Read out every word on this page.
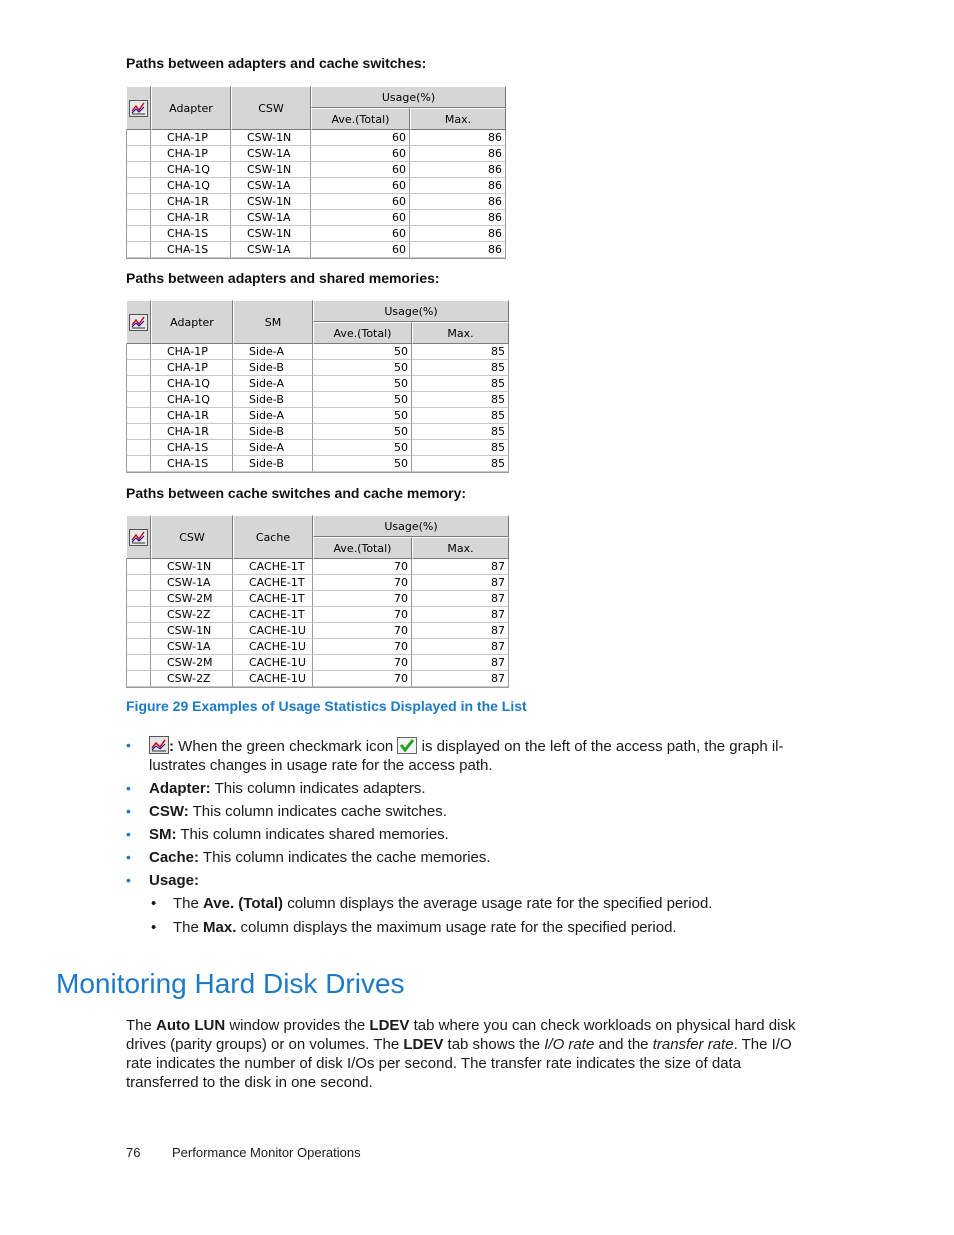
Paths between adapters and cache switches:
Paths between adapters and shared memories:
Paths between cache switches and cache memory:
Adapter	CSW
Usage(%)
Ave.(Total)	Max.
CHA-1P	CSW-1N	60	86
CHA-1P	CSW-1A	60	86
CHA-1Q	CSW-1N	60	86
CHA-1Q	CSW-1A	60	86
CHA-1R	CSW-1N	60	86
CHA-1R	CSW-1A	60	86
CHA-1S	CSW-1N	60	86
CHA-1S	CSW-1A	60	86
Adapter	SM
Usage(%)
Ave.(Total)	Max.
CHA-1P	Side-A	50	85
CHA-1P	Side-B	50	85
CHA-1Q	Side-A	50	85
CHA-1Q	Side-B	50	85
CHA-1R	Side-A	50	85
CHA-1R	Side-B	50	85
CHA-1S	Side-A	50	85
CHA-1S	Side-B	50	85
CSW	Cache
Usage(%)
Ave.(Total)	Max.
CSW-1N	CACHE-1T	70	87
CSW-1A	CACHE-1T	70	87
CSW-2M	CACHE-1T	70	87
CSW-2Z	CACHE-1T	70	87
CSW-1N	CACHE-1U	70	87
CSW-1A	CACHE-1U	70	87
CSW-2M	CACHE-1U	70	87
CSW-2Z	CACHE-1U	70	87
Figure 29 Examples of Usage Statistics Displayed in the List
•	: When the green checkmark icon  is displayed on the left of the access path, the graph il-lustrates changes in usage rate for the access path.
• Adapter: This column indicates adapters.
• CSW: This column indicates cache switches.
• SM: This column indicates shared memories.
• Cache: This column indicates the cache memories.
• Usage:
• The Ave. (Total) column displays the average usage rate for the specified period.
• The Max. column displays the maximum usage rate for the specified period.
Monitoring Hard Disk Drives
The Auto LUN window provides the LDEV tab where you can check workloads on physical hard disk drives (parity groups) or on volumes. The LDEV tab shows the I/O rate and the transfer rate. The I/O rate indicates the number of disk I/Os per second. The transfer rate indicates the size of data transferred to the disk in one second.
76 Performance Monitor Operations
